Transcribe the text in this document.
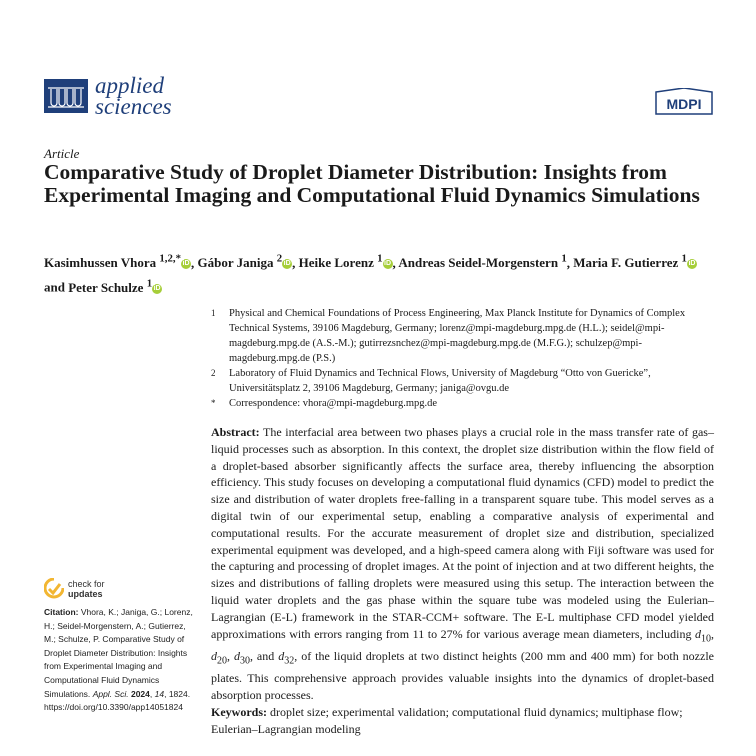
applied
sciences	MDPI
Article
Comparative Study of Droplet Diameter Distribution: Insights from Experimental Imaging and Computational Fluid Dynamics Simulations
Kasimhussen Vhora $^{1,2,*}$ iD , Gábor Janiga $^2$ iD , Heike Lorenz $^1$ iD , Andreas Seidel-Morgenstern $^1$, Maria F. Gutierrez $^1$ iD
and Peter Schulze $^1$ iD
1 Physical and Chemical Foundations of Process Engineering, Max Planck Institute for Dynamics of Complex Technical Systems, 39106 Magdeburg, Germany; lorenz@mpi-magdeburg.mpg.de (H.L.); seidel@mpi-magdeburg.mpg.de (A.S.-M.); gutirrezsnchez@mpi-magdeburg.mpg.de (M.F.G.); schulzep@mpi-magdeburg.mpg.de (P.S.)
2 Laboratory of Fluid Dynamics and Technical Flows, University of Magdeburg “Otto von Guericke”, Universitätsplatz 2, 39106 Magdeburg, Germany; janiga@ovgu.de
* Correspondence: vhora@mpi-magdeburg.mpg.de
Abstract: The interfacial area between two phases plays a crucial role in the mass transfer rate of gas–liquid processes such as absorption. In this context, the droplet size distribution within the flow field of a droplet-based absorber significantly affects the surface area, thereby influencing the absorption efficiency. This study focuses on developing a computational fluid dynamics (CFD) model to predict the size and distribution of water droplets free-falling in a transparent square tube. This model serves as a digital twin of our experimental setup, enabling a comparative analysis of experimental and computational results. For the accurate measurement of droplet size and distribution, specialized experimental equipment was developed, and a high-speed camera along with Fiji software was used for the capturing and processing of droplet images. At the point of injection and at two different heights, the sizes and distributions of falling droplets were measured using this setup. The interaction between the liquid water droplets and the gas phase within the square tube was modeled using the Eulerian–Lagrangian (E-L) framework in the STAR-CCM+ software. The E-L multiphase CFD model yielded approximations with errors ranging from 11 to 27% for various average mean diameters, including $d_{10}$, $d_{20}$, $d_{30}$, and $d_{32}$, of the liquid droplets at two distinct heights (200 mm and 400 mm) for both nozzle plates. This comprehensive approach provides valuable insights into the dynamics of droplet-based absorption processes.
Keywords: droplet size; experimental validation; computational fluid dynamics; multiphase flow; Eulerian–Lagrangian modeling
check for
updates
Citation: Vhora, K.; Janiga, G.; Lorenz, H.; Seidel-Morgenstern, A.; Gutierrez, M.; Schulze, P. Comparative Study of Droplet Diameter Distribution: Insights from Experimental Imaging and Computational Fluid Dynamics Simulations. Appl. Sci. 2024, 14, 1824. https://doi.org/10.3390/app14051824
